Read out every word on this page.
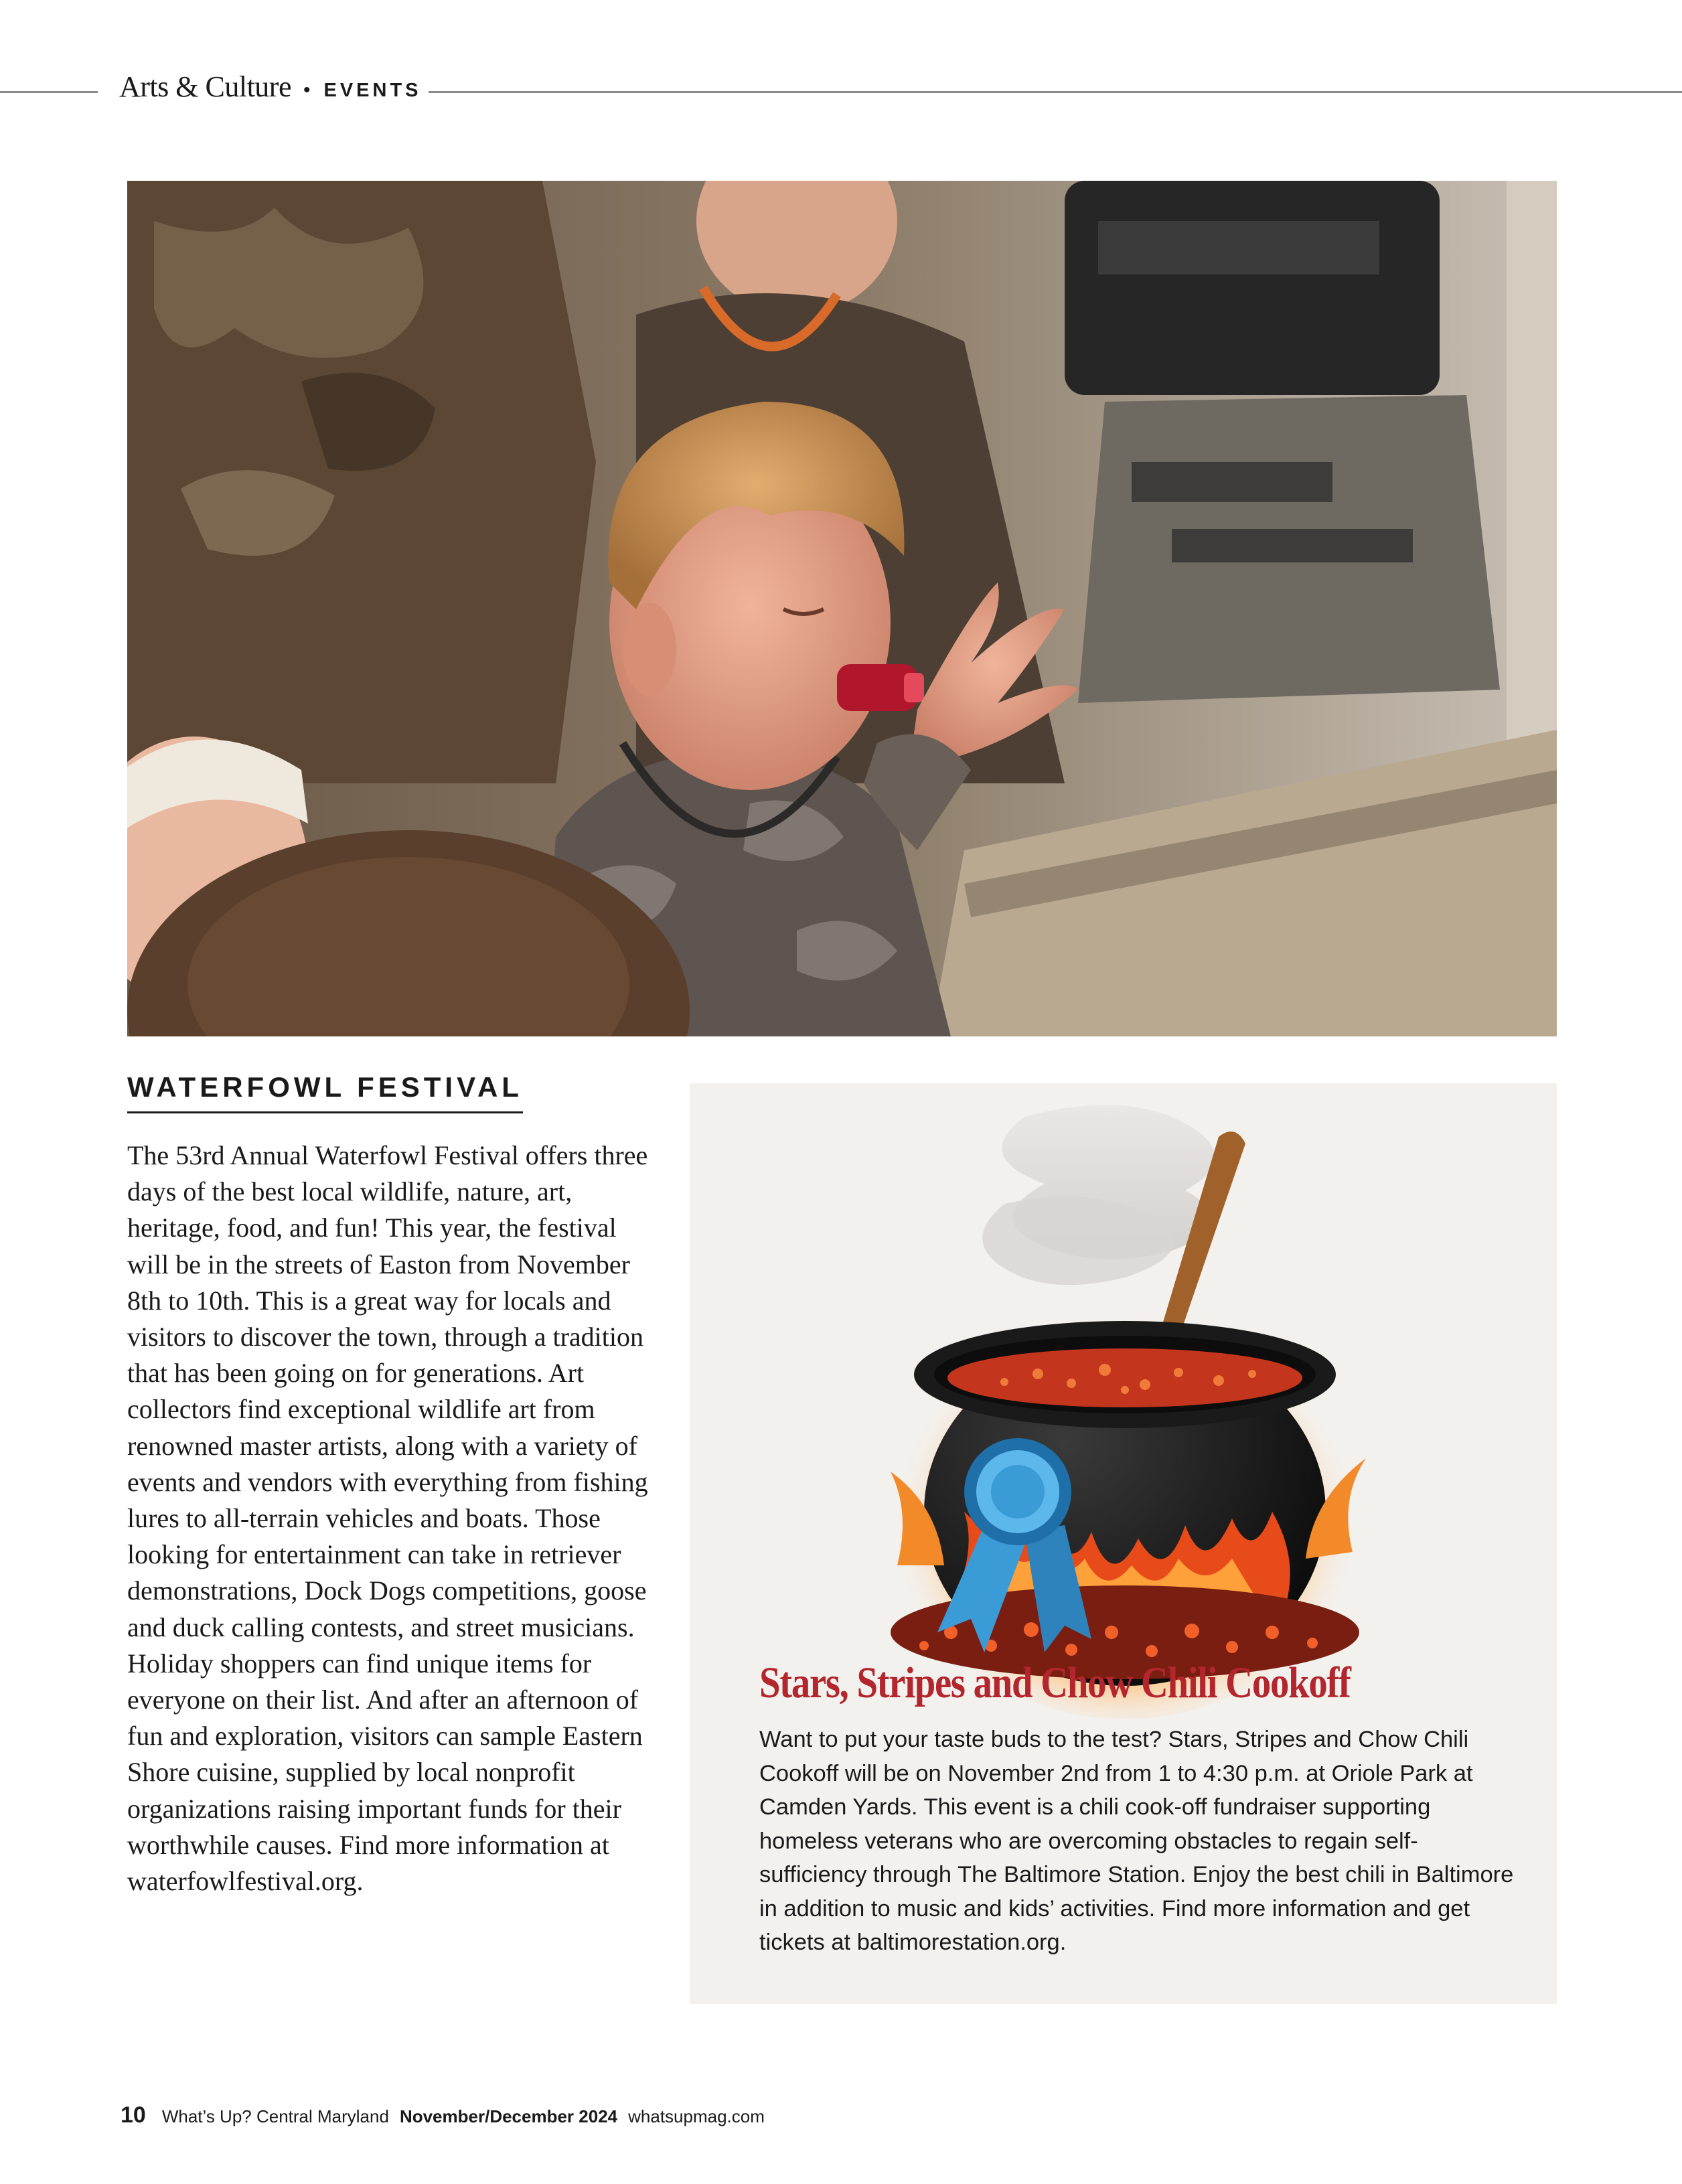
Arts & Culture • EVENTS
WATERFOWL FESTIVAL

The 53rd Annual Waterfowl Festival offers three days of the best local wildlife, nature, art, heritage, food, and fun! This year, the festival will be in the streets of Easton from November 8th to 10th. This is a great way for locals and visitors to discover the town, through a tradition that has been going on for generations. Art collectors find exceptional wildlife art from renowned master artists, along with a variety of events and vendors with everything from fishing lures to all-terrain vehicles and boats. Those looking for entertainment can take in retriever demonstrations, Dock Dogs competitions, goose and duck calling contests, and street musicians. Holiday shoppers can find unique items for everyone on their list. And after an afternoon of fun and exploration, visitors can sample Eastern Shore cuisine, supplied by local nonprofit organizations raising important funds for their worthwhile causes. Find more information at waterfowlfestival.org.

Stars, Stripes and Chow Chili Cookoff

Want to put your taste buds to the test? Stars, Stripes and Chow Chili Cookoff will be on November 2nd from 1 to 4:30 p.m. at Oriole Park at Camden Yards. This event is a chili cook-off fundraiser supporting homeless veterans who are overcoming obstacles to regain self-sufficiency through The Baltimore Station. Enjoy the best chili in Baltimore in addition to music and kids’ activities. Find more information and get tickets at baltimorestation.org.

10 What’s Up? Central Maryland November/December 2024 whatsupmag.com
